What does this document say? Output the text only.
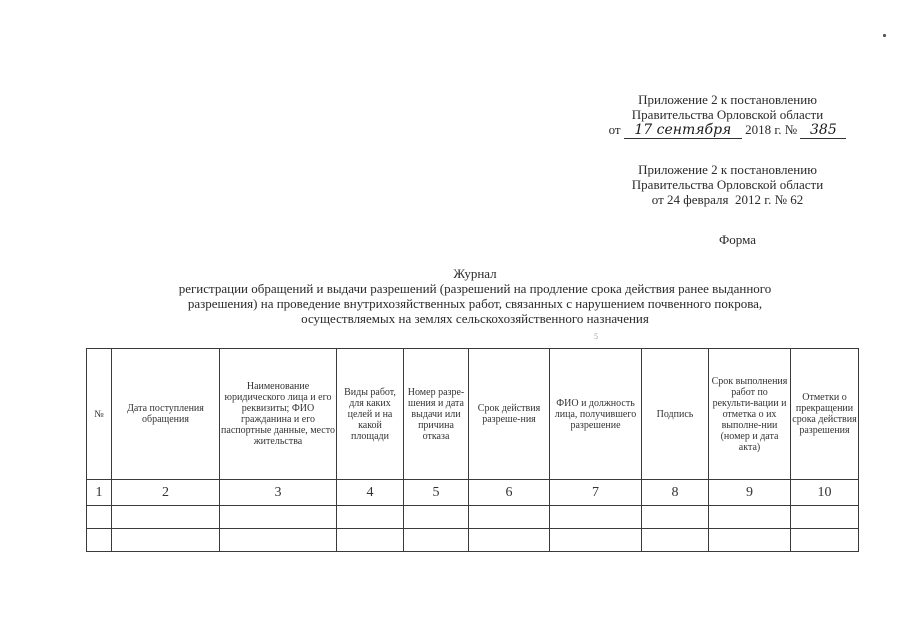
Приложение 2 к постановлению
Правительства Орловской области
от 17 сентября 2018 г. № 385
Приложение 2 к постановлению
Правительства Орловской области
от 24 февраля  2012 г. № 62
Форма
Журнал
регистрации обращений и выдачи разрешений (разрешений на продление срока действия ранее выданного
разрешения) на проведение внутрихозяйственных работ, связанных с нарушением почвенного покрова,
осуществляемых на землях сельскохозяйственного назначения
5
№	Дата поступления обращения	Наименование юридического лица и его реквизиты; ФИО гражданина и его паспортные данные, место жительства	Виды работ, для каких целей и на какой площади	Номер разре-шения и дата выдачи или причина отказа	Срок действия разреше-ния	ФИО и должность лица, получившего разрешение	Подпись	Срок выполнения работ по рекульти-вации и отметка о их выполне-нии (номер и дата акта)	Отметки о прекращении срока действия разрешения
1	2	3	4	5	6	7	8	9	10
